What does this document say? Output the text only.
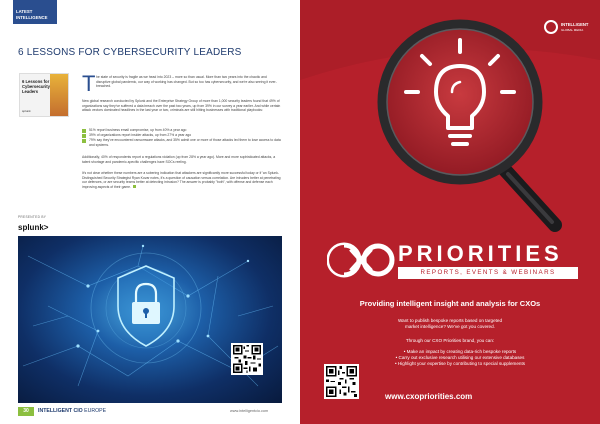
LATEST
INTELLIGENCE
6 LESSONS FOR CYBERSECURITY LEADERS
6 Lessons for Cybersecurity Leaders
splunk
T he state of security is fragile as we head into 2023 – more so than usual. More than two years into the chaotic and disruptive global pandemic, our way of working has changed. But so too has cybersecurity, and we're also seeing it ever-breached.

New global research conducted by Splunk and the Enterprise Strategy Group of more than 1,000 security leaders found that 49% of organizations say they've suffered a data breach over the past two years, up from 39% in our survey a year earlier. And while certain attack vectors dominated headlines in the last year or two, criminals are still hitting businesses with traditional playbooks:

51% report business email compromise, up from 40% a year ago
39% of organizations report insider attacks, up from 27% a year ago
79% say they've encountered ransomware attacks, and 35% admit one or more of those attacks led them to lose access to data and systems.

Additionally, 40% of respondents report a regulations violation (up from 28% a year ago). More and more sophisticated attacks, a talent shortage and pandemic-specific challenges have SOCs reeling.

It's not clear whether these numbers are a sobering indication that attackers are significantly more successful today or if 'an Splunk-Distinguished Security Strategist Ryan Kovar notes, it's a question of causation versus correlation. Are intruders better at penetrating our defences, or are security teams better at detecting intrusion? The answer is probably "both", with offense and defense each improving aspects of their game.

PRESENTED BY
splunk>
30	INTELLIGENT CIO EUROPE	www.intelligentcio.com
INTELLIGENT
GLOBAL MEDIA
PRIORITIES
REPORTS, EVENTS & WEBINARS
Providing intelligent insight and analysis for CXOs
Want to publish bespoke reports based on targeted
market intelligence? We've got you covered.
Through our CXO Priorities brand, you can:
• Make an impact by creating data-rich bespoke reports
• Carry out exclusive research utilising our extensive databases
• Highlight your expertise by contributing to special supplements
www.cxopriorities.com
